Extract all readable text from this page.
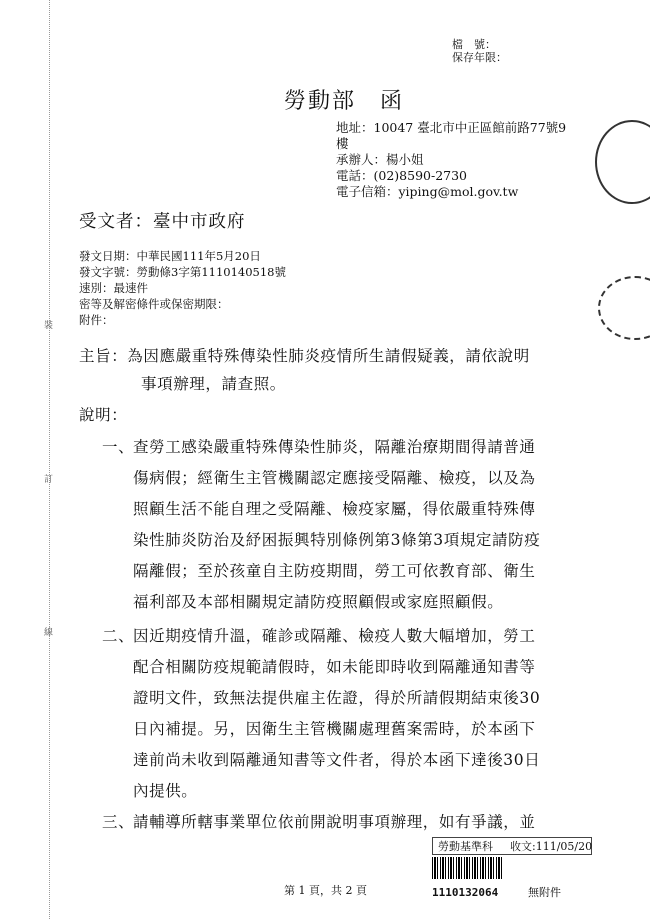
裝
訂
線
檔　號：
保存年限：
勞動部　函
地址：10047 臺北市中正區館前路77號9
樓
承辦人：楊小姐
電話：(02)8590-2730
電子信箱：yiping@mol.gov.tw
受文者：臺中市政府
發文日期：中華民國111年5月20日
發文字號：勞動條3字第1110140518號
速別：最速件
密等及解密條件或保密期限：
附件：
主旨：為因應嚴重特殊傳染性肺炎疫情所生請假疑義，請依說明
事項辦理，請查照。
說明：
一、
查勞工感染嚴重特殊傳染性肺炎，隔離治療期間得請普通
傷病假；經衛生主管機關認定應接受隔離、檢疫，以及為
照顧生活不能自理之受隔離、檢疫家屬，得依嚴重特殊傳
染性肺炎防治及紓困振興特別條例第3條第3項規定請防疫
隔離假；至於孩童自主防疫期間，勞工可依教育部、衛生
福利部及本部相關規定請防疫照顧假或家庭照顧假。
二、
因近期疫情升溫，確診或隔離、檢疫人數大幅增加，勞工
配合相關防疫規範請假時，如未能即時收到隔離通知書等
證明文件，致無法提供雇主佐證，得於所請假期結束後30
日內補提。另，因衛生主管機關處理舊案需時，於本函下
達前尚未收到隔離通知書等文件者，得於本函下達後30日
內提供。
三、
請輔導所轄事業單位依前開說明事項辦理，如有爭議，並
第 1 頁，共 2 頁
勞動基準科 收文:111/05/20
1110132064	無附件
